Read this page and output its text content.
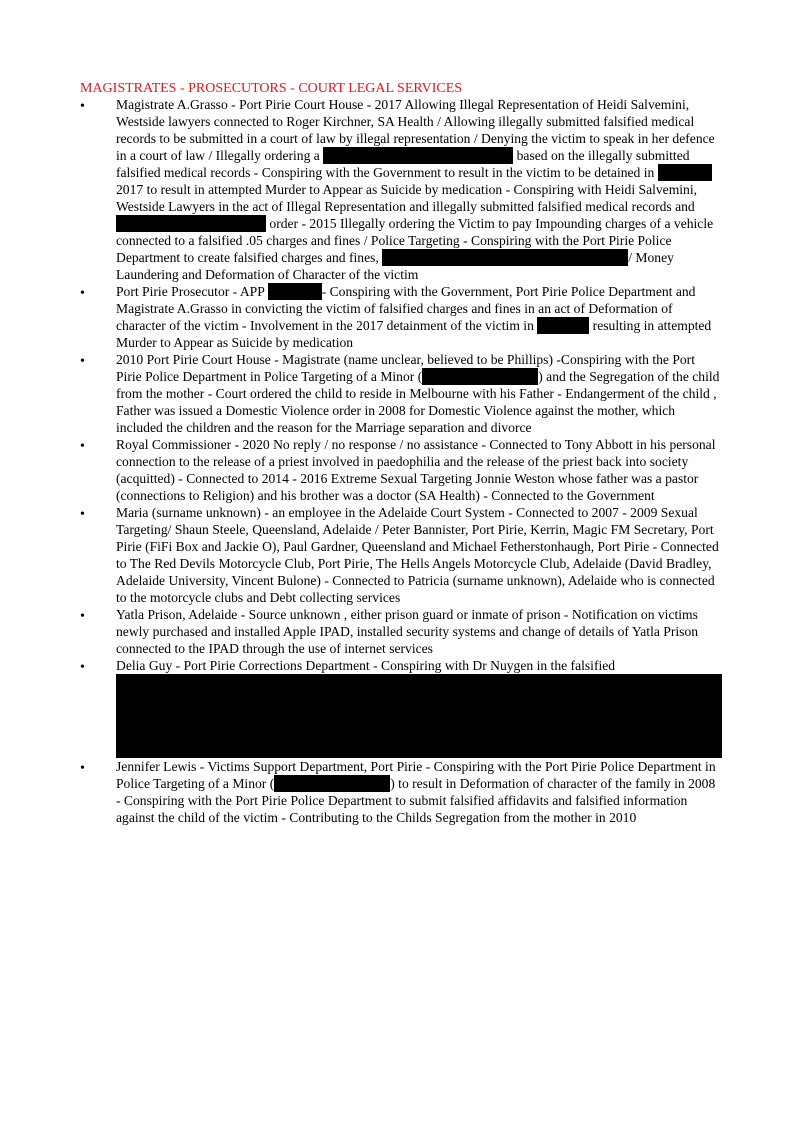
MAGISTRATES - PROSECUTORS - COURT LEGAL SERVICES
•	Magistrate A.Grasso - Port Pirie Court House - 2017 Allowing Illegal Representation of Heidi Salvemini, Westside lawyers connected to Roger Kirchner, SA Health / Allowing illegally submitted falsified medical records to be submitted in a court of law by illegal representation / Denying the victim to speak in her defence in a court of law / Illegally ordering a	based on the illegally submitted falsified medical records - Conspiring with the Government to result in the victim to be detained in  2017 to result in attempted Murder to Appear as Suicide by medication - Conspiring with Heidi Salvemini, Westside Lawyers in the act of Illegal Representation and illegally submitted falsified medical records and  order - 2015 Illegally ordering the Victim to pay Impounding charges of a vehicle connected to a falsified .05 charges and fines / Police Targeting - Conspiring with the Port Pirie Police Department to create falsified charges and fines,	/ Money Laundering and Deformation of Character of the victim
•	Port Pirie Prosecutor - APP	- Conspiring with the Government, Port Pirie Police Department and Magistrate A.Grasso in convicting the victim of falsified charges and fines in an act of Deformation of character of the victim - Involvement in the 2017 detainment of the victim in	resulting in attempted Murder to Appear as Suicide by medication
•	2010 Port Pirie Court House - Magistrate (name unclear, believed to be Phillips) -Conspiring with the Port Pirie Police Department in Police Targeting of a Minor (	) and the Segregation of the child from the mother - Court ordered the child to reside in Melbourne with his Father - Endangerment of the child , Father was issued a Domestic Violence order in 2008 for Domestic Violence against the mother, which included the children and the reason for the Marriage separation and divorce
•	Royal Commissioner - 2020 No reply / no response / no assistance - Connected to Tony Abbott in his personal connection to the release of a priest involved in paedophilia and the release of the priest back into society (acquitted) - Connected to 2014 - 2016 Extreme Sexual Targeting Jonnie Weston whose father was a pastor (connections to Religion) and his brother was a doctor (SA Health) - Connected to the Government
•	Maria (surname unknown) - an employee in the Adelaide Court System - Connected to 2007 - 2009 Sexual Targeting/ Shaun Steele, Queensland, Adelaide / Peter Bannister, Port Pirie, Kerrin, Magic FM Secretary, Port Pirie (FiFi Box and Jackie O), Paul Gardner, Queensland and Michael Fetherstonhaugh, Port Pirie - Connected to The Red Devils Motorcycle Club, Port Pirie, The Hells Angels Motorcycle Club, Adelaide (David Bradley, Adelaide University, Vincent Bulone) - Connected to Patricia (surname unknown), Adelaide who is connected to the motorcycle clubs and Debt collecting services
•	Yatla Prison, Adelaide - Source unknown , either prison guard or inmate of prison - Notification on victims newly purchased and installed Apple IPAD, installed security systems and change of details of Yatla Prison connected to the IPAD through the use of internet services
•	Delia Guy - Port Pirie Corrections Department - Conspiring with Dr Nuygen in the falsified
•	Jennifer Lewis - Victims Support Department, Port Pirie - Conspiring with the Port Pirie Police Department in Police Targeting of a Minor (	) to result in Deformation of character of the family in 2008 - Conspiring with the Port Pirie Police Department to submit falsified affidavits and falsified information against the child of the victim - Contributing to the Childs Segregation from the mother in 2010
